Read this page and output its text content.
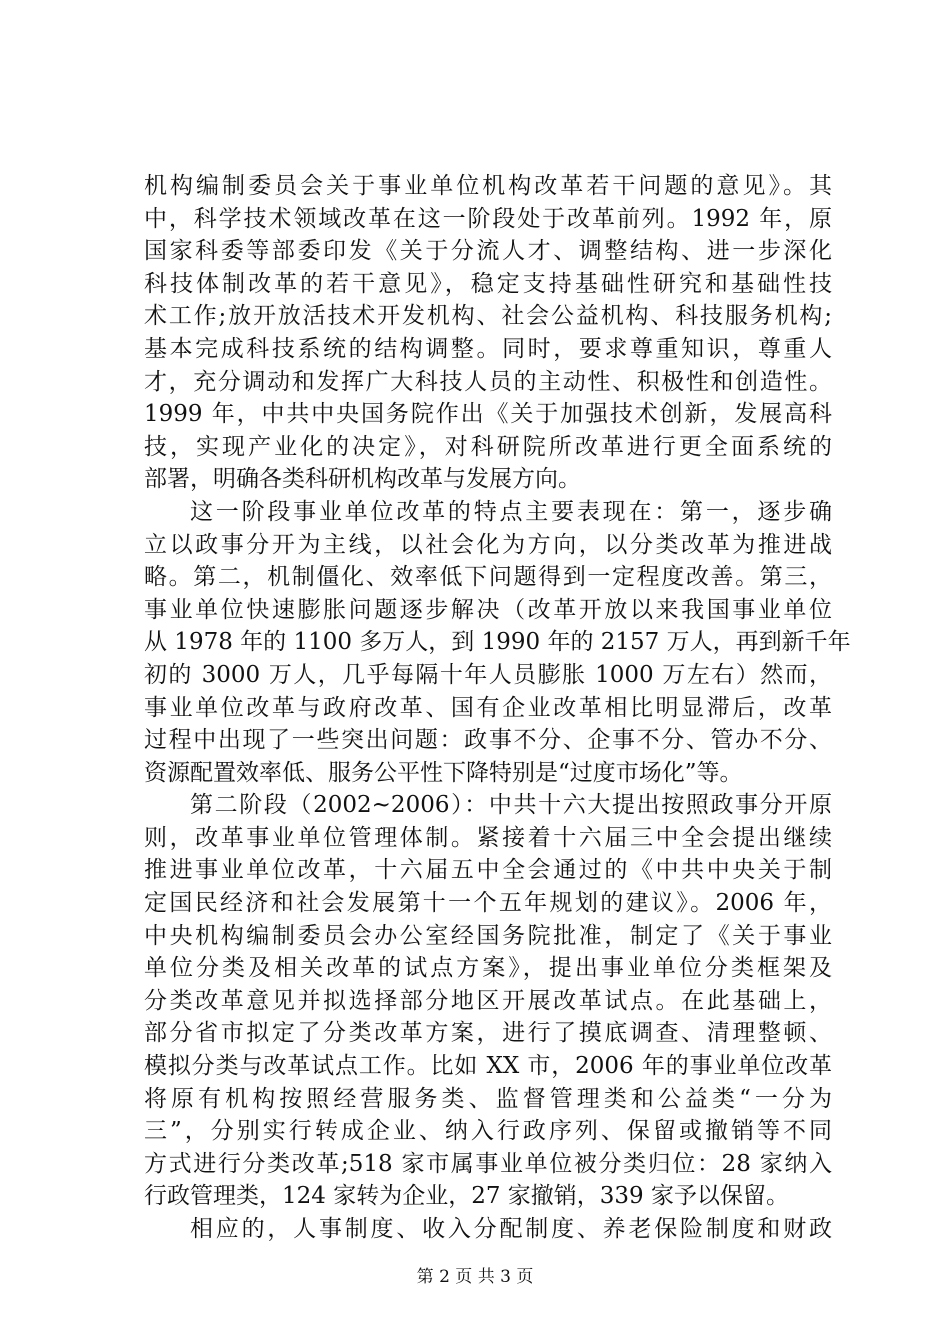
机构编制委员会关于事业单位机构改革若干问题的意见》。其
中，科学技术领域改革在这一阶段处于改革前列。1992 年，原
国家科委等部委印发《关于分流人才、调整结构、进一步深化
科技体制改革的若干意见》，稳定支持基础性研究和基础性技
术工作;放开放活技术开发机构、社会公益机构、科技服务机构;
基本完成科技系统的结构调整。同时，要求尊重知识，尊重人
才，充分调动和发挥广大科技人员的主动性、积极性和创造性。
1999 年，中共中央国务院作出《关于加强技术创新，发展高科
技，实现产业化的决定》，对科研院所改革进行更全面系统的
部署，明确各类科研机构改革与发展方向。
这一阶段事业单位改革的特点主要表现在：第一，逐步确
立以政事分开为主线，以社会化为方向，以分类改革为推进战
略。第二，机制僵化、效率低下问题得到一定程度改善。第三，
事业单位快速膨胀问题逐步解决（改革开放以来我国事业单位
从 1978 年的 1100 多万人，到 1990 年的 2157 万人，再到新千年
初的 3000 万人，几乎每隔十年人员膨胀 1000 万左右）然而，
事业单位改革与政府改革、国有企业改革相比明显滞后，改革
过程中出现了一些突出问题：政事不分、企事不分、管办不分、
资源配置效率低、服务公平性下降特别是“过度市场化”等。
第二阶段（2002~2006）：中共十六大提出按照政事分开原
则，改革事业单位管理体制。紧接着十六届三中全会提出继续
推进事业单位改革，十六届五中全会通过的《中共中央关于制
定国民经济和社会发展第十一个五年规划的建议》。2006 年，
中央机构编制委员会办公室经国务院批准，制定了《关于事业
单位分类及相关改革的试点方案》，提出事业单位分类框架及
分类改革意见并拟选择部分地区开展改革试点。在此基础上，
部分省市拟定了分类改革方案，进行了摸底调查、清理整顿、
模拟分类与改革试点工作。比如 XX 市，2006 年的事业单位改革
将原有机构按照经营服务类、监督管理类和公益类“一分为
三”，分别实行转成企业、纳入行政序列、保留或撤销等不同
方式进行分类改革;518 家市属事业单位被分类归位：28 家纳入
行政管理类，124 家转为企业，27 家撤销，339 家予以保留。
相应的，人事制度、收入分配制度、养老保险制度和财政
第 2 页 共 3 页
